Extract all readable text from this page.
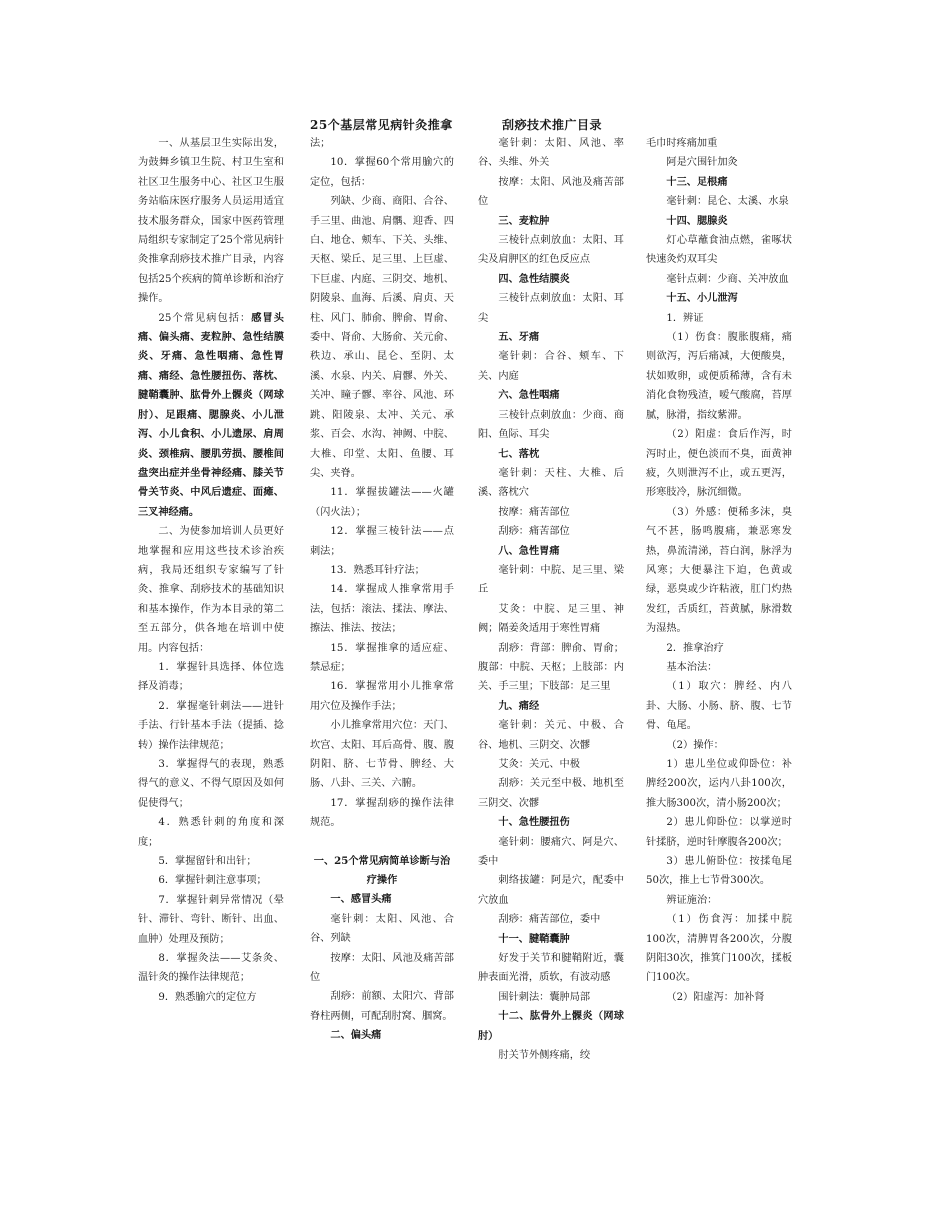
25个基层常见病针灸推拿	刮痧技术推广目录

一、从基层卫生实际出发，为鼓舞乡镇卫生院、村卫生室和社区卫生服务中心、社区卫生服务站临床医疗服务人员运用适宜技术服务群众，国家中医药管理局组织专家制定了25个常见病针灸推拿刮痧技术推广目录，内容包括25个疾病的简单诊断和治疗操作。

25个常见病包括：感冒头痛、偏头痛、麦粒肿、急性结膜炎、牙痛、急性咽痛、急性胃痛、痛经、急性腰扭伤、落枕、腱鞘囊肿、肱骨外上髁炎（网球肘）、足跟痛、腮腺炎、小儿泄泻、小儿食积、小儿遗尿、肩周炎、颈椎病、腰肌劳损、腰椎间盘突出症并坐骨神经痛、膝关节骨关节炎、中风后遗症、面瘫、三叉神经痛。

二、为使参加培训人员更好地掌握和应用这些技术诊治疾病，我局还组织专家编写了针灸、推拿、刮痧技术的基础知识和基本操作，作为本目录的第二至五部分，供各地在培训中使用。内容包括：

1．掌握针具选择、体位选择及消毒；

2．掌握毫针刺法——进针手法、行针基本手法（提插、捻转）操作法律规范；

3．掌握得气的表现，熟悉得气的意义、不得气原因及如何促使得气；

4．熟悉针刺的角度和深度；

5．掌握留针和出针；

6．掌握针刺注意事项；

7．掌握针刺异常情况（晕针、滞针、弯针、断针、出血、血肿）处理及预防；

8．掌握灸法——艾条灸、温针灸的操作法律规范；

9．熟悉腧穴的定位方

法；

10．掌握60个常用腧穴的定位，包括：

列缺、少商、商阳、合谷、手三里、曲池、肩髃、迎香、四白、地仓、颊车、下关、头维、天枢、梁丘、足三里、上巨虚、下巨虚、内庭、三阴交、地机、阴陵泉、血海、后溪、肩贞、天柱、风门、肺俞、脾俞、胃俞、委中、肾俞、大肠俞、关元俞、秩边、承山、昆仑、至阴、太溪、水泉、内关、肩髎、外关、关冲、瞳子髎、率谷、风池、环跳、阳陵泉、太冲、关元、承浆、百会、水沟、神阙、中脘、大椎、印堂、太阳、鱼腰、耳尖、夹脊。

11．掌握拔罐法——火罐（闪火法）；

12．掌握三棱针法——点刺法；

13．熟悉耳针疗法；

14．掌握成人推拿常用手法，包括：滚法、揉法、摩法、擦法、推法、按法；

15．掌握推拿的适应症、禁忌症；

16．掌握常用小儿推拿常用穴位及操作手法；

小儿推拿常用穴位：天门、坎宫、太阳、耳后高骨、腹、腹阴阳、脐、七节骨、脾经、大肠、八卦、三关、六腑。

17．掌握刮痧的操作法律规范。

一、25个常见病简单诊断与治疗操作

一、感冒头痛

毫针刺：太阳、风池、合谷、列缺

按摩：太阳、风池及痛苦部位

刮痧：前额、太阳穴、背部脊柱两侧，可配刮肘窝、腘窝。

二、偏头痛

毫针刺：太阳、风池、率谷、头维、外关

按摩：太阳、风池及痛苦部位

三、麦粒肿

三棱针点刺放血：太阳、耳尖及肩胛区的红色反应点

四、急性结膜炎

三棱针点刺放血：太阳、耳尖

五、牙痛

毫针刺：合谷、颊车、下关、内庭

六、急性咽痛

三棱针点刺放血：少商、商阳、鱼际、耳尖

七、落枕

毫针刺：天柱、大椎、后溪、落枕穴

按摩：痛苦部位

刮痧：痛苦部位

八、急性胃痛

毫针刺：中脘、足三里、梁丘

艾灸：中脘、足三里、神阙；隔姜灸适用于寒性胃痛

刮痧：背部：脾俞、胃俞；腹部：中脘、天枢；上肢部：内关、手三里；下肢部：足三里

九、痛经

毫针刺：关元、中极、合谷、地机、三阴交、次髎

艾灸：关元、中极

刮痧：关元至中极、地机至三阴交、次髎

十、急性腰扭伤

毫针刺：腰痛穴、阿是穴、委中

刺络拔罐：阿是穴，配委中穴放血

刮痧：痛苦部位，委中

十一、腱鞘囊肿

好发于关节和腱鞘附近，囊肿表面光滑，质软，有波动感

围针刺法：囊肿局部

十二、肱骨外上髁炎（网球肘）

肘关节外侧疼痛，绞

毛巾时疼痛加重

阿是穴围针加灸

十三、足根痛

毫针刺：昆仑、太溪、水泉

十四、腮腺炎

灯心草蘸食油点燃，雀啄状快速灸灼双耳尖

毫针点刺：少商、关冲放血

十五、小儿泄泻

1．辨证

（1）伤食：腹胀腹痛，痛则欲泻，泻后痛减，大便酸臭，状如败卵，或便质稀薄，含有未消化食物残渣，嗳气酸腐，苔厚腻，脉滑，指纹紫滞。

（2）阳虚：食后作泻，时泻时止，便色淡而不臭，面黄神疲，久则泄泻不止，或五更泻，形寒肢冷，脉沉细微。

（3）外感：便稀多沫，臭气不甚，肠鸣腹痛，兼恶寒发热，鼻流清涕，苔白润，脉浮为风寒；大便暴注下迫，色黄或绿，恶臭或少许粘液，肛门灼热发红，舌质红，苔黄腻，脉滑数为湿热。

2．推拿治疗

基本治法：

（1）取穴：脾经、内八卦、大肠、小肠、脐、腹、七节骨、龟尾。

（2）操作：

1）患儿坐位或仰卧位：补脾经200次，运内八卦100次，推大肠300次，清小肠200次；

2）患儿仰卧位：以掌逆时针揉脐，逆时针摩腹各200次；

3）患儿俯卧位：按揉龟尾50次，推上七节骨300次。

辨证施治：

（1）伤食泻：加揉中脘100次，清脾胃各200次，分腹阴阳30次，推箕门100次，揉板门100次。

（2）阳虚泻：加补肾
